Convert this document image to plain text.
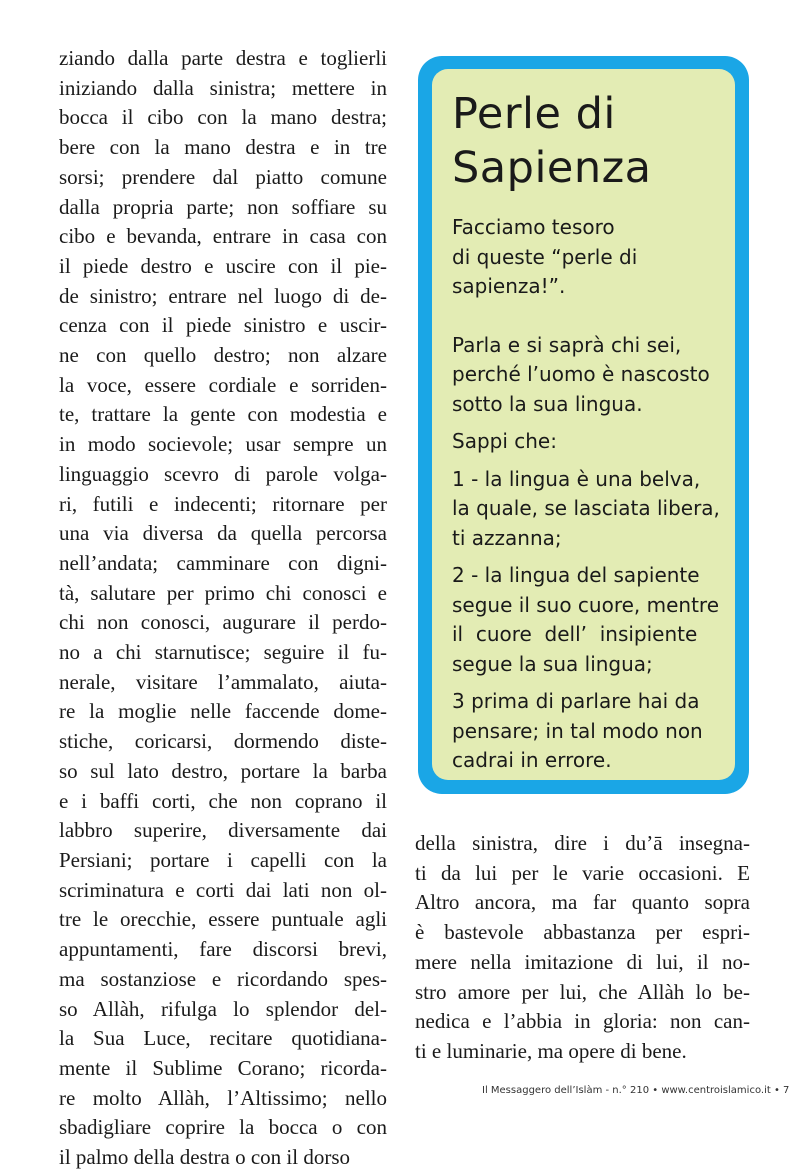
ziando dalla parte destra e toglierli
iniziando dalla sinistra; mettere in
bocca il cibo con la mano destra;
bere con la mano destra e in tre
sorsi; prendere dal piatto comune
dalla propria parte; non soffiare su
cibo e bevanda, entrare in casa con
il piede destro e uscire con il pie-
de sinistro; entrare nel luogo di de-
cenza con il piede sinistro e uscir-
ne con quello destro; non alzare
la voce, essere cordiale e sorriden-
te, trattare la gente con modestia e
in modo socievole; usar sempre un
linguaggio scevro di parole volga-
ri, futili e indecenti; ritornare per
una via diversa da quella percorsa
nell’andata; camminare con digni-
tà, salutare per primo chi conosci e
chi non conosci, augurare il perdo-
no a chi starnutisce; seguire il fu-
nerale, visitare l’ammalato, aiuta-
re la moglie nelle faccende dome-
stiche, coricarsi, dormendo diste-
so sul lato destro, portare la barba
e i baffi corti, che non coprano il
labbro superire, diversamente dai
Persiani; portare i capelli con la
scriminatura e corti dai lati non ol-
tre le orecchie, essere puntuale agli
appuntamenti, fare discorsi brevi,
ma sostanziose e ricordando spes-
so Allàh, rifulga lo splendor del-
la Sua Luce, recitare quotidiana-
mente il Sublime Corano; ricorda-
re molto Allàh, l’Altissimo; nello
sbadigliare coprire la bocca o con
il palmo della destra o con il dorso
Perle di
Sapienza

Facciamo tesoro
di queste “perle di
sapienza!”.

Parla e si saprà chi sei,
perché l’uomo è nascosto
sotto la sua lingua.

Sappi che:

1 - la lingua è una belva,
la quale, se lasciata libera,
ti azzanna;

2 - la lingua del sapiente
segue il suo cuore, mentre
il  cuore  dell’  insipiente
segue la sua lingua;

3 prima di parlare hai da
pensare; in tal modo non
cadrai in errore.

della sinistra, dire i du’ā insegna-
ti da lui per le varie occasioni. E
Altro ancora, ma far quanto sopra
è bastevole abbastanza per espri-
mere nella imitazione di lui, il no-
stro amore per lui, che Allàh lo be-
nedica e l’abbia in gloria: non can-
ti e luminarie, ma opere di bene.
Il Messaggero dell’Islàm - n.° 210 • www.centroislamico.it • 7
